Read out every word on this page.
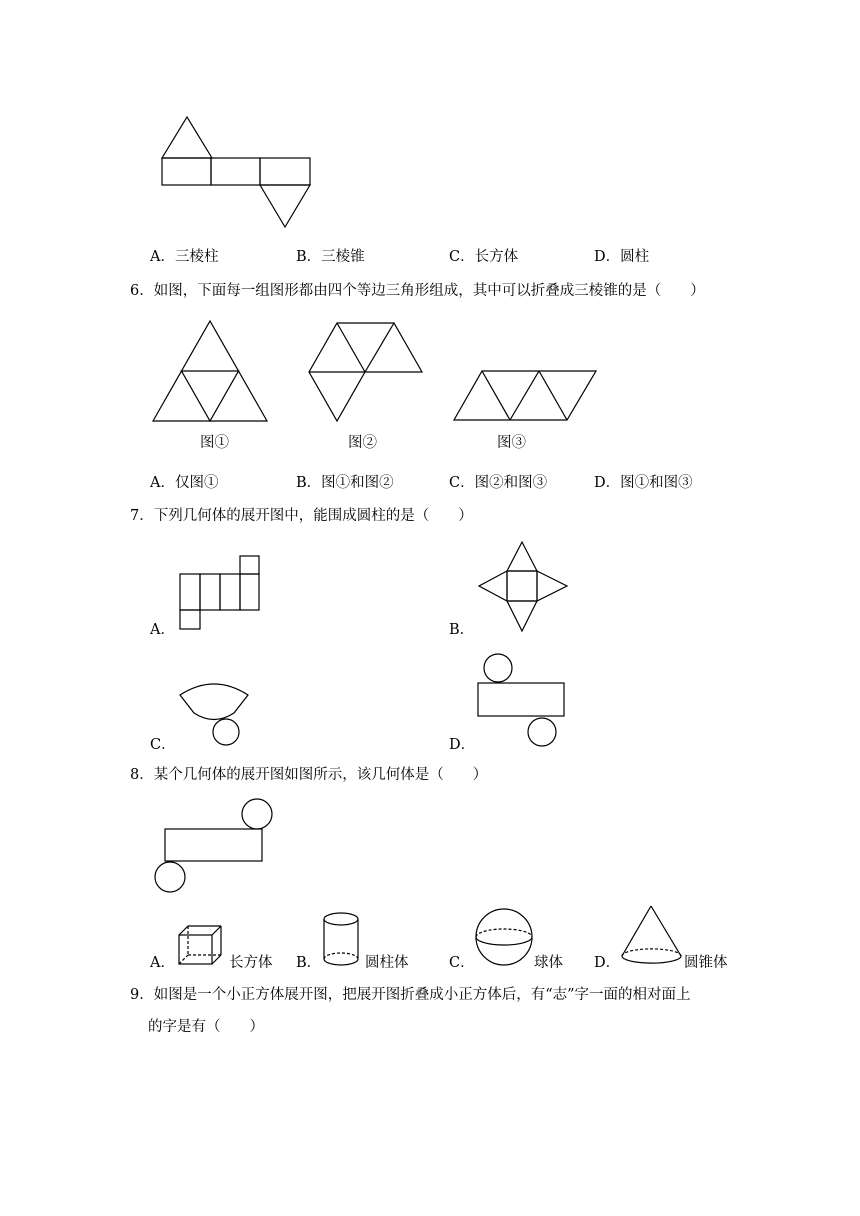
A．三棱柱	B．三棱锥	C．长方体	D．圆柱
6．如图，下面每一组图形都由四个等边三角形组成，其中可以折叠成三棱锥的是（　　）
图①	图②	图③
A．仅图①	B．图①和图②	C．图②和图③	D．图①和图③
7．下列几何体的展开图中，能围成圆柱的是（　　）
A．	B．
C．	D．
8．某个几何体的展开图如图所示，该几何体是（　　）
A．	长方体 B．	圆柱体	C．	球体 D．	圆锥体
9．如图是一个小正方体展开图，把展开图折叠成小正方体后，有“志”字一面的相对面上
的字是有（　　）
